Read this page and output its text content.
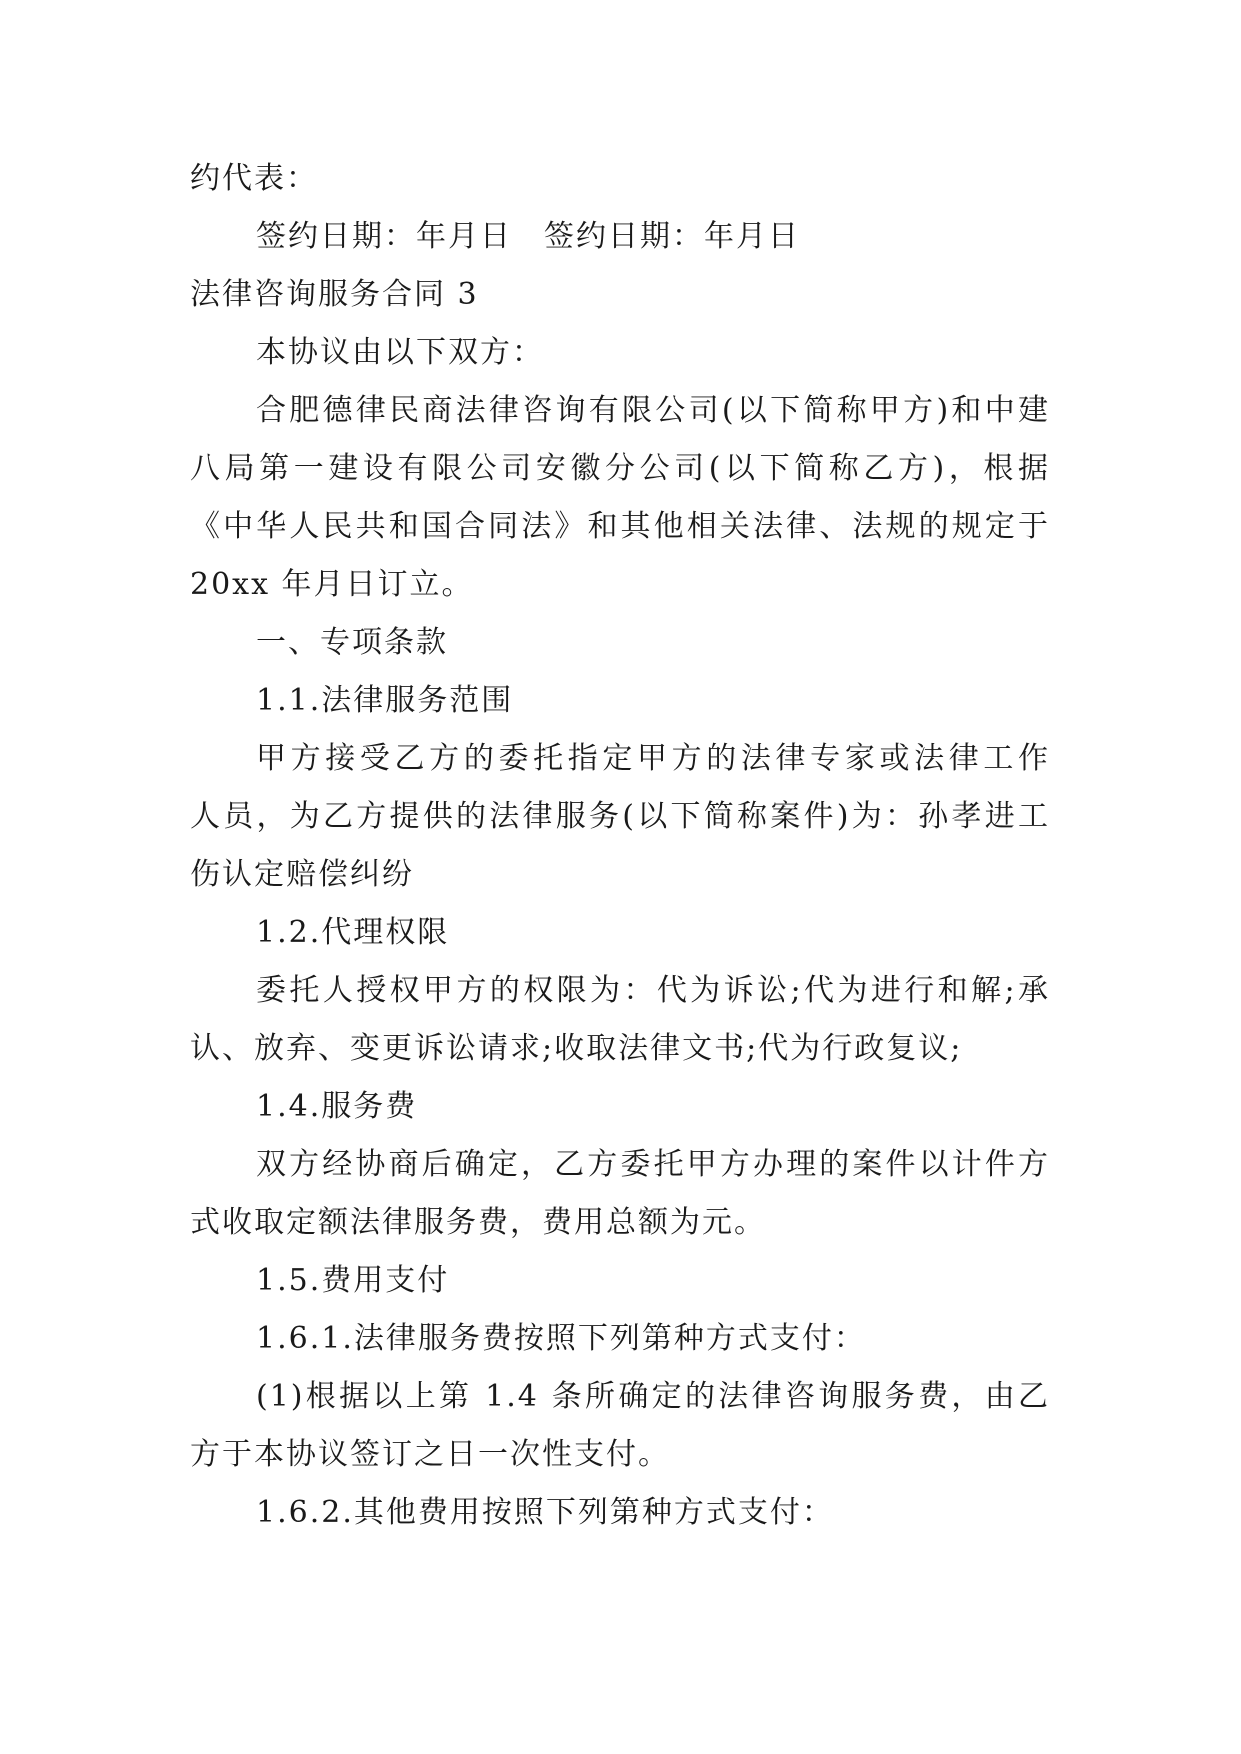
约代表：
签约日期：年月日　签约日期：年月日
法律咨询服务合同 3
本协议由以下双方：
合肥德律民商法律咨询有限公司(以下简称甲方)和中建
八局第一建设有限公司安徽分公司(以下简称乙方)，根据
《中华人民共和国合同法》和其他相关法律、法规的规定于
20xx 年月日订立。
一、专项条款
1.1.法律服务范围
甲方接受乙方的委托指定甲方的法律专家或法律工作
人员，为乙方提供的法律服务(以下简称案件)为：孙孝进工
伤认定赔偿纠纷
1.2.代理权限
委托人授权甲方的权限为：代为诉讼;代为进行和解;承
认、放弃、变更诉讼请求;收取法律文书;代为行政复议;
1.4.服务费
双方经协商后确定，乙方委托甲方办理的案件以计件方
式收取定额法律服务费，费用总额为元。
1.5.费用支付
1.6.1.法律服务费按照下列第种方式支付：
(1)根据以上第 1.4 条所确定的法律咨询服务费，由乙
方于本协议签订之日一次性支付。
1.6.2.其他费用按照下列第种方式支付：
